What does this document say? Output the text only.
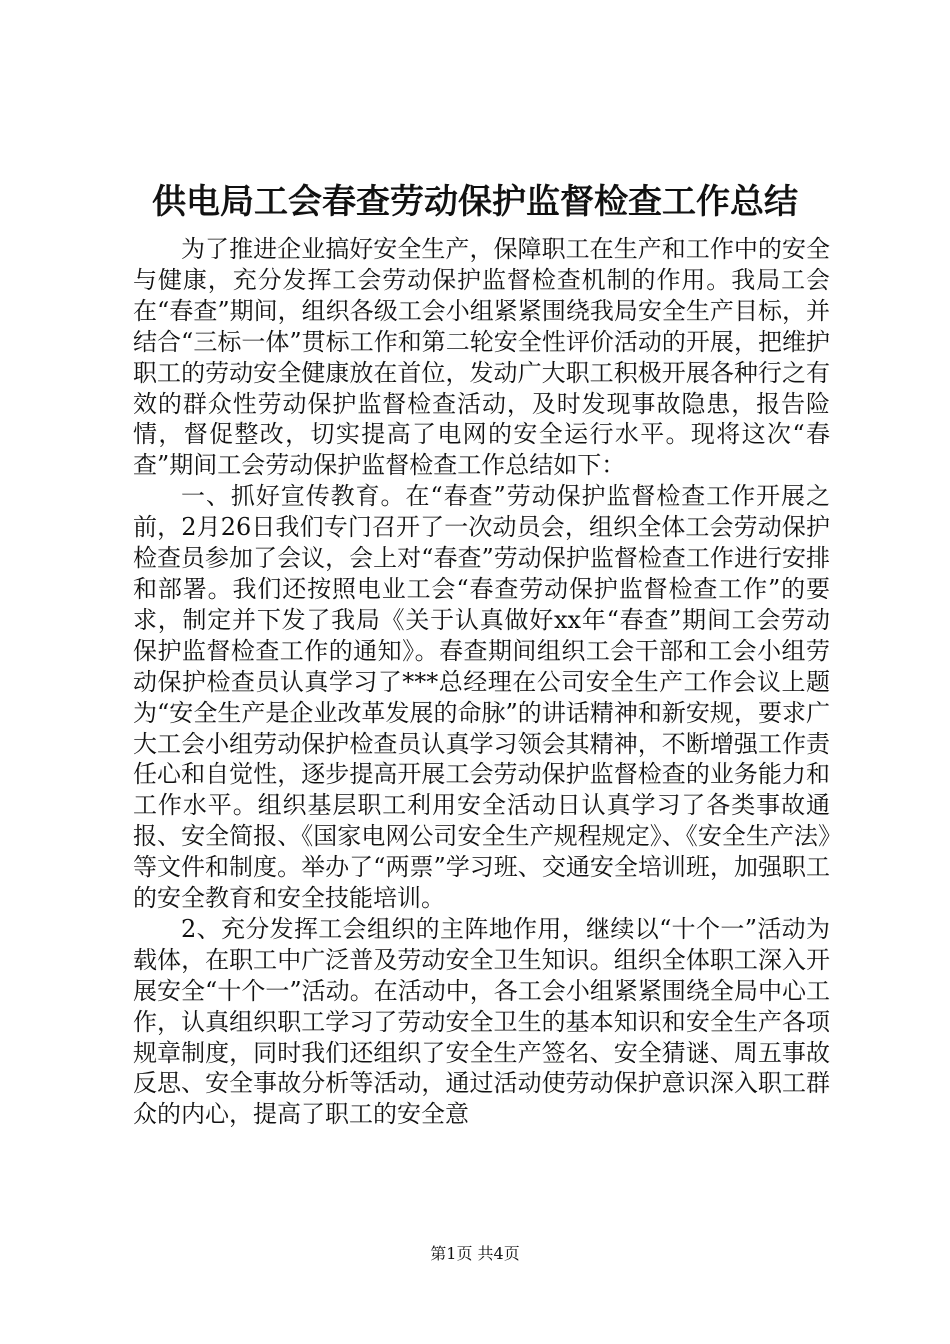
供电局工会春查劳动保护监督检查工作总结

为了推进企业搞好安全生产，保障职工在生产和工作中的安全与健康，充分发挥工会劳动保护监督检查机制的作用。我局工会在“春查”期间，组织各级工会小组紧紧围绕我局安全生产目标，并结合“三标一体”贯标工作和第二轮安全性评价活动的开展，把维护职工的劳动安全健康放在首位，发动广大职工积极开展各种行之有效的群众性劳动保护监督检查活动，及时发现事故隐患，报告险情，督促整改，切实提高了电网的安全运行水平。现将这次“春查”期间工会劳动保护监督检查工作总结如下：

一、抓好宣传教育。在“春查”劳动保护监督检查工作开展之前，2月26日我们专门召开了一次动员会，组织全体工会劳动保护检查员参加了会议，会上对“春查”劳动保护监督检查工作进行安排和部署。我们还按照电业工会“春查劳动保护监督检查工作”的要求，制定并下发了我局《关于认真做好xx年“春查”期间工会劳动保护监督检查工作的通知》。春查期间组织工会干部和工会小组劳动保护检查员认真学习了***总经理在公司安全生产工作会议上题为“安全生产是企业改革发展的命脉”的讲话精神和新安规，要求广大工会小组劳动保护检查员认真学习领会其精神，不断增强工作责任心和自觉性，逐步提高开展工会劳动保护监督检查的业务能力和工作水平。组织基层职工利用安全活动日认真学习了各类事故通报、安全简报、《国家电网公司安全生产规程规定》、《安全生产法》等文件和制度。举办了“两票”学习班、交通安全培训班，加强职工的安全教育和安全技能培训。

2、充分发挥工会组织的主阵地作用，继续以“十个一”活动为载体，在职工中广泛普及劳动安全卫生知识。组织全体职工深入开展安全“十个一”活动。在活动中，各工会小组紧紧围绕全局中心工作，认真组织职工学习了劳动安全卫生的基本知识和安全生产各项规章制度，同时我们还组织了安全生产签名、安全猜谜、周五事故反思、安全事故分析等活动，通过活动使劳动保护意识深入职工群众的内心，提高了职工的安全意

第1页 共4页
